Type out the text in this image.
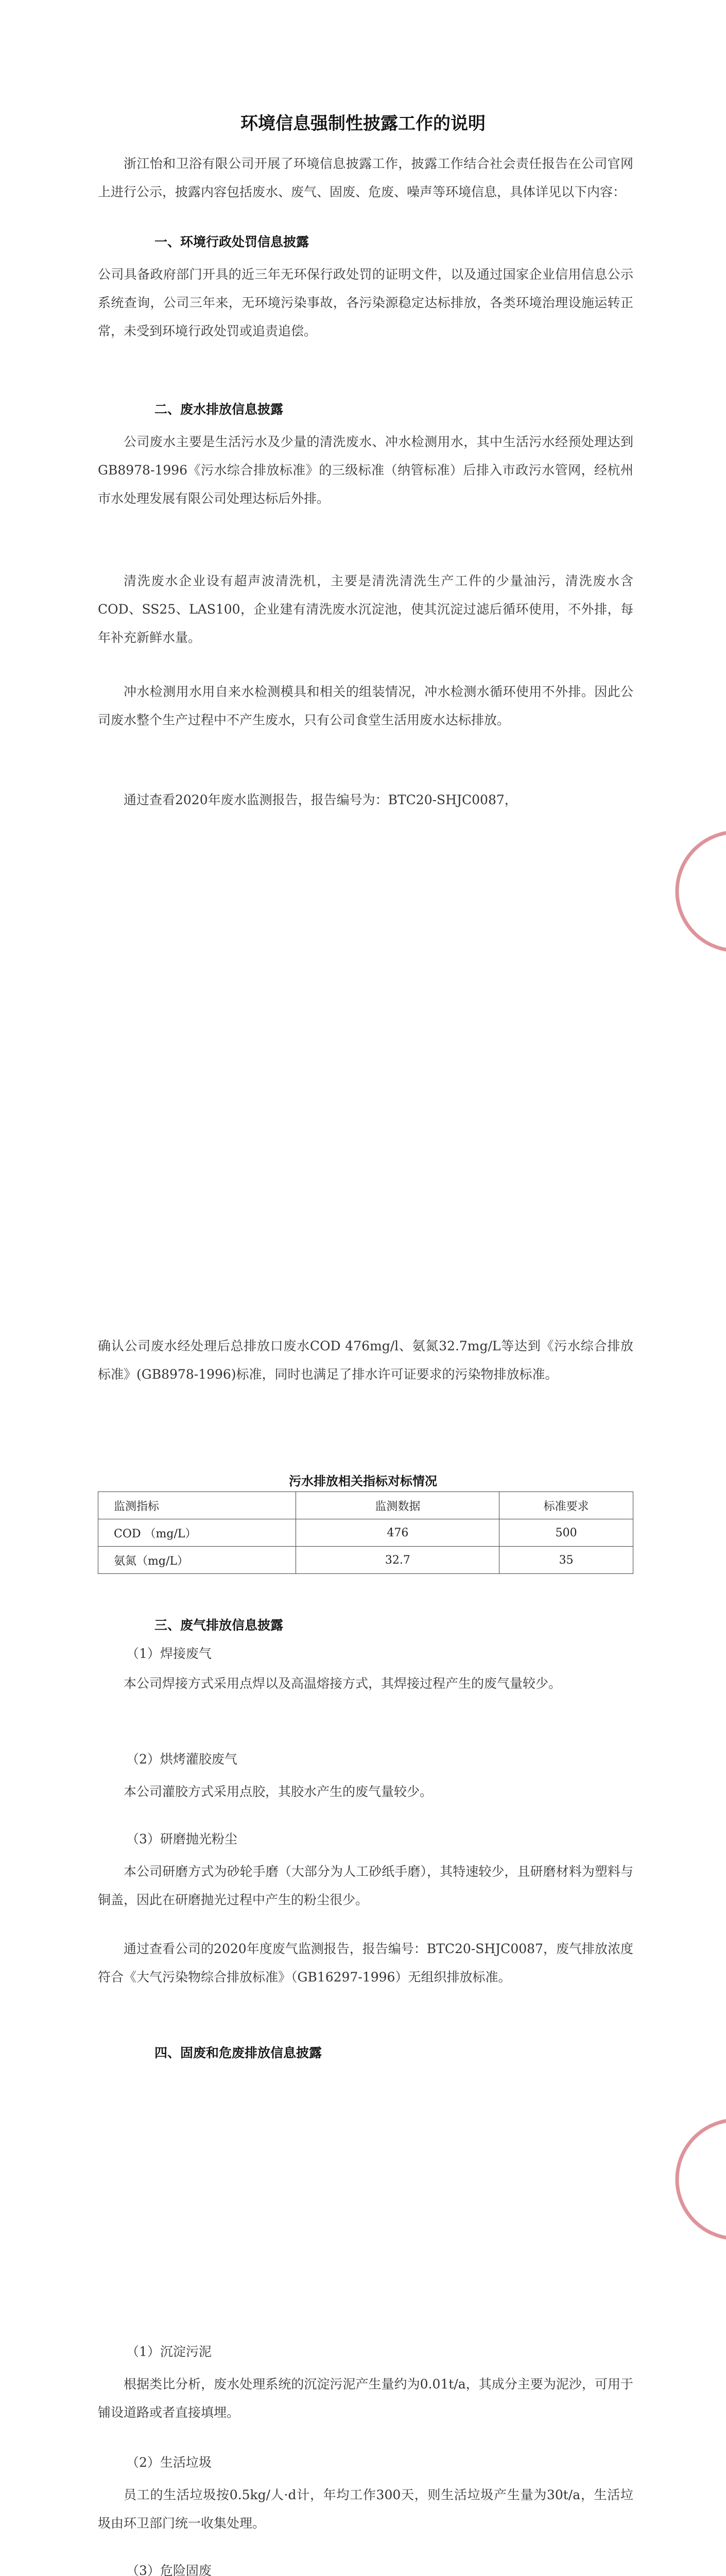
环境信息强制性披露工作的说明

浙江怡和卫浴有限公司开展了环境信息披露工作，披露工作结合社会责任报告在公司官网上进行公示，披露内容包括废水、废气、固废、危废、噪声等环境信息，具体详见以下内容：

一、环境行政处罚信息披露

公司具备政府部门开具的近三年无环保行政处罚的证明文件，以及通过国家企业信用信息公示系统查询，公司三年来，无环境污染事故，各污染源稳定达标排放，各类环境治理设施运转正常，未受到环境行政处罚或追责追偿。

二、废水排放信息披露

公司废水主要是生活污水及少量的清洗废水、冲水检测用水，其中生活污水经预处理达到GB8978-1996《污水综合排放标准》的三级标准（纳管标准）后排入市政污水管网，经杭州市水处理发展有限公司处理达标后外排。

清洗废水企业设有超声波清洗机，主要是清洗清洗生产工件的少量油污，清洗废水含COD、SS25、LAS100，企业建有清洗废水沉淀池，使其沉淀过滤后循环使用，不外排，每年补充新鲜水量。

冲水检测用水用自来水检测模具和相关的组装情况，冲水检测水循环使用不外排。因此公司废水整个生产过程中不产生废水，只有公司食堂生活用废水达标排放。

通过查看2020年废水监测报告，报告编号为：BTC20-SHJC0087，

确认公司废水经处理后总排放口废水COD 476mg/l、氨氮32.7mg/L等达到《污水综合排放标准》(GB8978-1996)标准，同时也满足了排水许可证要求的污染物排放标准。

污水排放相关指标对标情况
监测指标	监测数据	标准要求
COD （mg/L）	476	500
氨氮（mg/L）	32.7	35
三、废气排放信息披露
（1）焊接废气

本公司焊接方式采用点焊以及高温熔接方式，其焊接过程产生的废气量较少。

（2）烘烤灌胶废气

本公司灌胶方式采用点胶，其胶水产生的废气量较少。

（3）研磨抛光粉尘

本公司研磨方式为砂轮手磨（大部分为人工砂纸手磨），其特速较少，且研磨材料为塑料与铜盖，因此在研磨抛光过程中产生的粉尘很少。

通过查看公司的2020年度废气监测报告，报告编号：BTC20-SHJC0087，废气排放浓度符合《大气污染物综合排放标准》（GB16297-1996）无组织排放标准。

四、固废和危废排放信息披露
（1）沉淀污泥

根据类比分析，废水处理系统的沉淀污泥产生量约为0.01t/a，其成分主要为泥沙，可用于铺设道路或者直接填埋。

（2）生活垃圾

员工的生活垃圾按0.5kg/人·d计，年均工作300天，则生活垃圾产生量为30t/a，生活垃圾由环卫部门统一收集处理。

（3）危险固废
